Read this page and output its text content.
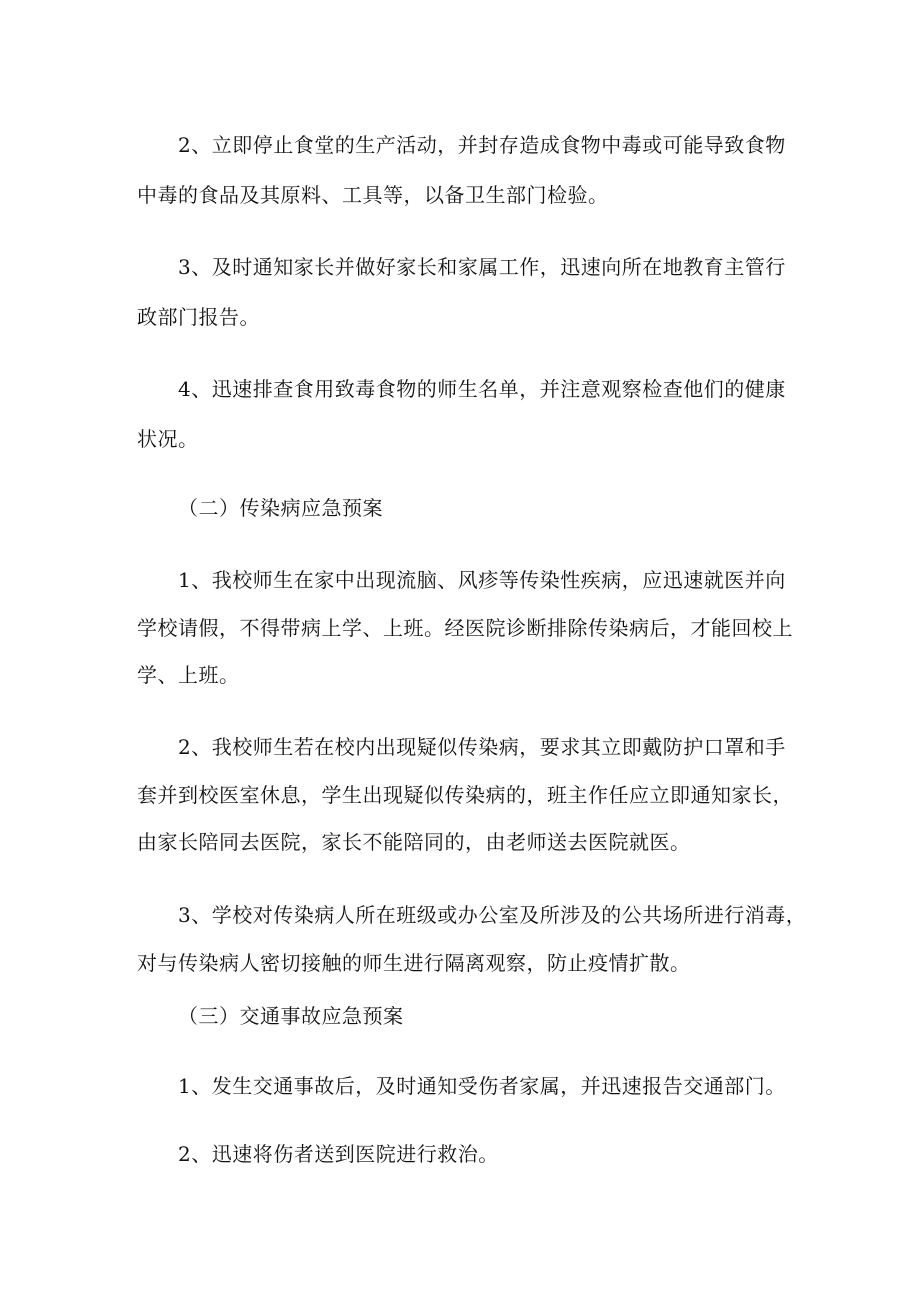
2、立即停止食堂的生产活动，并封存造成食物中毒或可能导致食物
中毒的食品及其原料、工具等，以备卫生部门检验。
3、及时通知家长并做好家长和家属工作，迅速向所在地教育主管行
政部门报告。
4、迅速排查食用致毒食物的师生名单，并注意观察检查他们的健康
状况。
（二）传染病应急预案
1、我校师生在家中出现流脑、风疹等传染性疾病，应迅速就医并向
学校请假，不得带病上学、上班。经医院诊断排除传染病后，才能回校上
学、上班。
2、我校师生若在校内出现疑似传染病，要求其立即戴防护口罩和手
套并到校医室休息，学生出现疑似传染病的，班主作任应立即通知家长，
由家长陪同去医院，家长不能陪同的，由老师送去医院就医。
3、学校对传染病人所在班级或办公室及所涉及的公共场所进行消毒，
对与传染病人密切接触的师生进行隔离观察，防止疫情扩散。
（三）交通事故应急预案
1、发生交通事故后，及时通知受伤者家属，并迅速报告交通部门。
2、迅速将伤者送到医院进行救治。
